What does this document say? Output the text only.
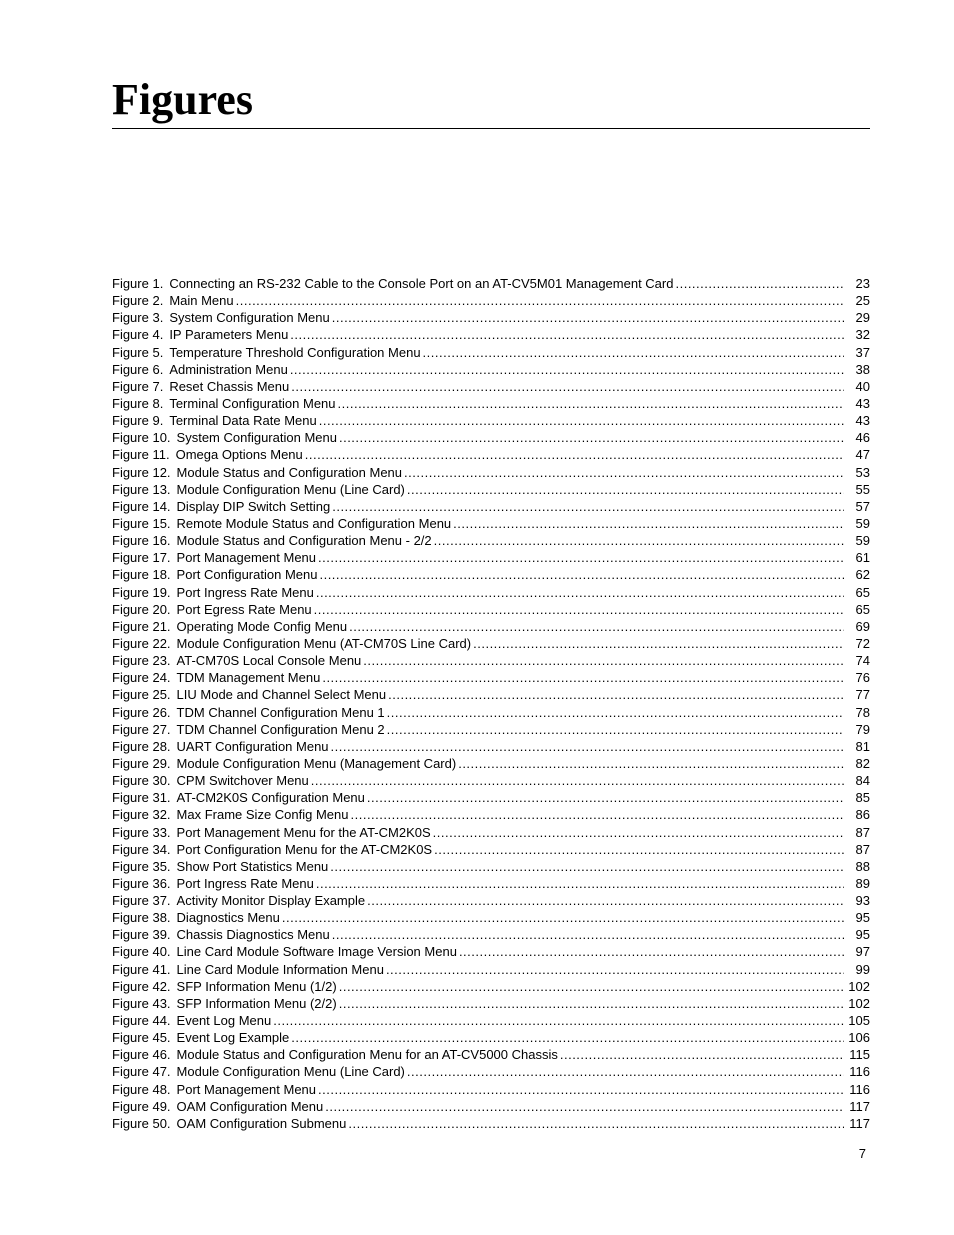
Figures
Figure 1. Connecting an RS-232 Cable to the Console Port on an AT-CV5M01 Management Card .....	23
Figure 2. Main Menu .....	25
Figure 3. System Configuration Menu .....	29
Figure 4. IP Parameters Menu .....	32
Figure 5. Temperature Threshold Configuration Menu .....	37
Figure 6. Administration Menu .....	38
Figure 7. Reset Chassis Menu .....	40
Figure 8. Terminal Configuration Menu .....	43
Figure 9. Terminal Data Rate Menu .....	43
Figure 10. System Configuration Menu .....	46
Figure 11. Omega Options Menu .....	47
Figure 12. Module Status and Configuration Menu .....	53
Figure 13. Module Configuration Menu (Line Card) .....	55
Figure 14. Display DIP Switch Setting .....	57
Figure 15. Remote Module Status and Configuration Menu .....	59
Figure 16. Module Status and Configuration Menu - 2/2 .....	59
Figure 17. Port Management Menu .....	61
Figure 18. Port Configuration Menu .....	62
Figure 19. Port Ingress Rate Menu .....	65
Figure 20. Port Egress Rate Menu .....	65
Figure 21. Operating Mode Config Menu .....	69
Figure 22. Module Configuration Menu (AT-CM70S Line Card) .....	72
Figure 23. AT-CM70S Local Console Menu .....	74
Figure 24. TDM Management Menu .....	76
Figure 25. LIU Mode and Channel Select Menu .....	77
Figure 26. TDM Channel Configuration Menu 1 .....	78
Figure 27. TDM Channel Configuration Menu 2 .....	79
Figure 28. UART Configuration Menu .....	81
Figure 29. Module Configuration Menu (Management Card) .....	82
Figure 30. CPM Switchover Menu .....	84
Figure 31. AT-CM2K0S Configuration Menu .....	85
Figure 32. Max Frame Size Config Menu .....	86
Figure 33. Port Management Menu for the AT-CM2K0S .....	87
Figure 34. Port Configuration Menu for the AT-CM2K0S .....	87
Figure 35. Show Port Statistics Menu .....	88
Figure 36. Port Ingress Rate Menu .....	89
Figure 37. Activity Monitor Display Example .....	93
Figure 38. Diagnostics Menu .....	95
Figure 39. Chassis Diagnostics Menu .....	95
Figure 40. Line Card Module Software Image Version Menu .....	97
Figure 41. Line Card Module Information Menu .....	99
Figure 42. SFP Information Menu (1/2) .....	102
Figure 43. SFP Information Menu (2/2) .....	102
Figure 44. Event Log Menu .....	105
Figure 45. Event Log Example .....	106
Figure 46. Module Status and Configuration Menu for an AT-CV5000 Chassis .....	115
Figure 47. Module Configuration Menu (Line Card) .....	116
Figure 48. Port Management Menu .....	116
Figure 49. OAM Configuration Menu .....	117
Figure 50. OAM Configuration Submenu .....	117
7
